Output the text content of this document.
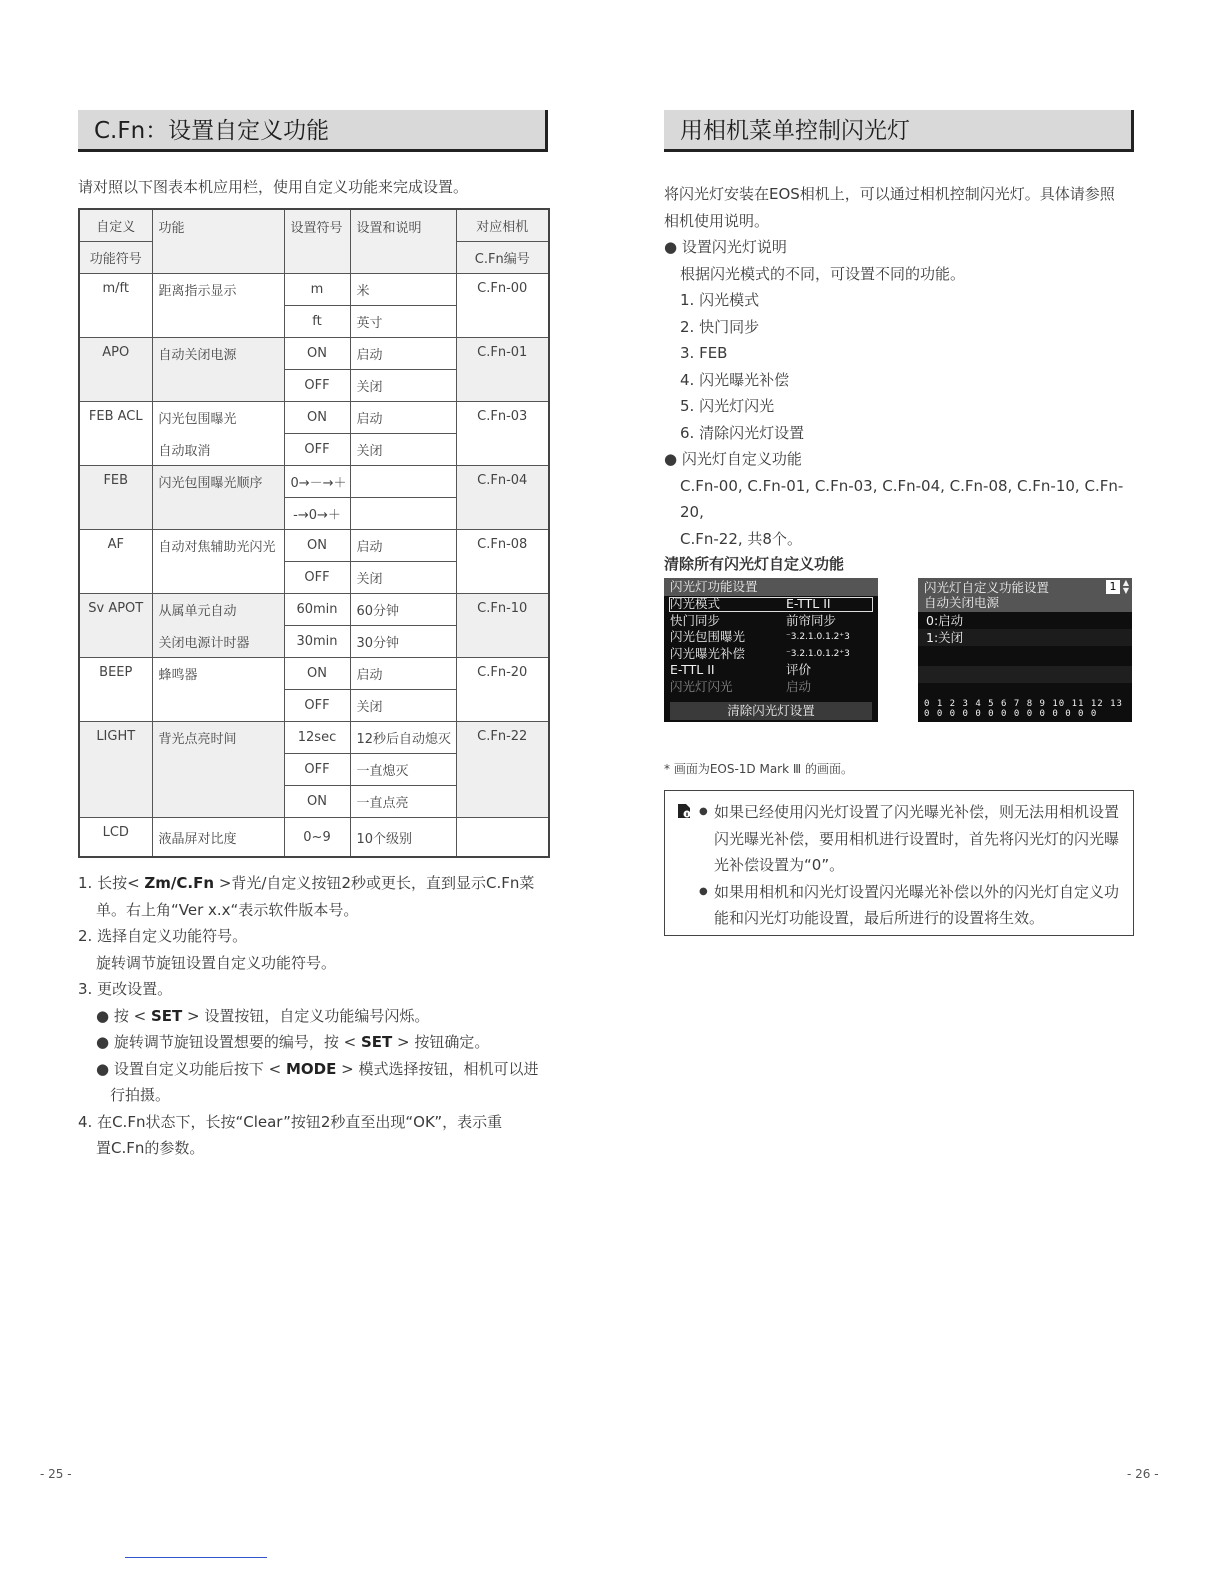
C.Fn：设置自定义功能
请对照以下图表本机应用栏，使用自定义功能来完成设置。
自定义	功能	设置符号	设置和说明	对应相机
功能符号				C.Fn编号
m/ft	距离指示显示	m	米	C.Fn-00
		ft	英寸	
APO	自动关闭电源	ON	启动	C.Fn-01
		OFF	关闭	
FEB ACL	闪光包围曝光	ON	启动	C.Fn-03
	自动取消	OFF	关闭	
FEB	闪光包围曝光顺序	0→－→＋		C.Fn-04
		-→0→＋		
AF	自动对焦辅助光闪光	ON	启动	C.Fn-08
		OFF	关闭	
Sv APOT	从属单元自动	60min	60分钟	C.Fn-10
	关闭电源计时器	30min	30分钟	
BEEP	蜂鸣器	ON	启动	C.Fn-20
		OFF	关闭	
LIGHT	背光点亮时间	12sec	12秒后自动熄灭	C.Fn-22
		OFF	一直熄灭	
		ON	一直点亮	
LCD	液晶屏对比度	0~9	10个级别	
1. 长按< Zm/C.Fn >背光/自定义按钮2秒或更长，直到显示C.Fn菜
单。右上角“Ver x.x“表示软件版本号。
2. 选择自定义功能符号。
旋转调节旋钮设置自定义功能符号。
3. 更改设置。
● 按 < SET > 设置按钮，自定义功能编号闪烁。
● 旋转调节旋钮设置想要的编号，按 < SET > 按钮确定。
● 设置自定义功能后按下 < MODE > 模式选择按钮，相机可以进
行拍摄。
4. 在C.Fn状态下，长按“Clear”按钮2秒直至出现“OK”，表示重
置C.Fn的参数。
- 25 -
用相机菜单控制闪光灯
将闪光灯安装在EOS相机上，可以通过相机控制闪光灯。具体请参照
相机使用说明。
● 设置闪光灯说明
根据闪光模式的不同，可设置不同的功能。
1. 闪光模式
2. 快门同步
3. FEB
4. 闪光曝光补偿
5. 闪光灯闪光
6. 清除闪光灯设置
● 闪光灯自定义功能
C.Fn-00, C.Fn-01, C.Fn-03, C.Fn-04, C.Fn-08, C.Fn-10, C.Fn-20,
C.Fn-22, 共8个。
清除所有闪光灯自定义功能
闪光灯功能设置
闪光模式	E-TTL II
快门同步	前帘同步
闪光包围曝光	⁻3.2.1.0.1.2⁺3
闪光曝光补偿	⁻3.2.1.0.1.2⁺3
E-TTL II	评价
闪光灯闪光	启动
清除闪光灯设置
闪光灯自定义功能设置
自动关闭电源
1 ▲
▼
0:启动
1:关闭
0 1 2 3 4 5 6 7 8 9 10 11 12 13
0 0 0 0 0 0 0 0 0 0 0 0 0 0
* 画面为EOS-1D Mark Ⅲ 的画面。
● 如果已经使用闪光灯设置了闪光曝光补偿，则无法用相机设置闪光曝光补偿，要用相机进行设置时，首先将闪光灯的闪光曝光补偿设置为“0”。
● 如果用相机和闪光灯设置闪光曝光补偿以外的闪光灯自定义功能和闪光灯功能设置，最后所进行的设置将生效。
- 26 -
